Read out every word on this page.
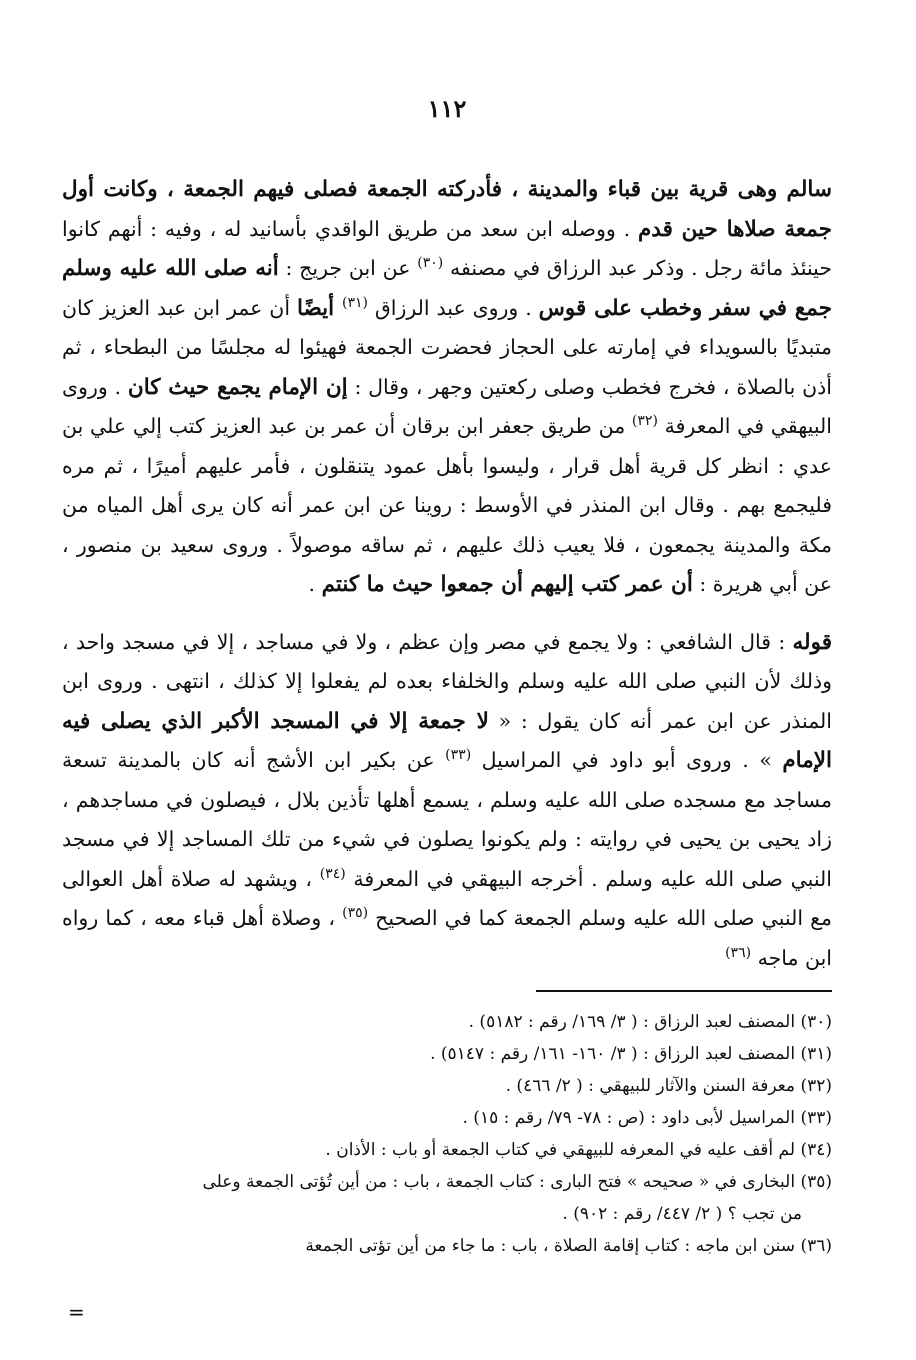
١١٢
سالم وهى قرية بين قباء والمدينة ، فأدركته الجمعة فصلى فيهم الجمعة ، وكانت أول جمعة صلاها حين قدم . ووصله ابن سعد من طريق الواقدي بأسانيد له ، وفيه : أنهم كانوا حينئذ مائة رجل . وذكر عبد الرزاق في مصنفه $^{(٣٠)}$ عن ابن جريج : أنه صلى الله عليه وسلم جمع في سفر وخطب على قوس . وروى عبد الرزاق $^{(٣١)}$ أيضًا أن عمر ابن عبد العزيز كان متبديًا بالسويداء في إمارته على الحجاز فحضرت الجمعة فهيئوا له مجلسًا من البطحاء ، ثم أذن بالصلاة ، فخرج فخطب وصلى ركعتين وجهر ، وقال : إن الإمام يجمع حيث كان . وروى البيهقي في المعرفة $^{(٣٢)}$ من طريق جعفر ابن برقان أن عمر بن عبد العزيز كتب إلي علي بن عدي : انظر كل قرية أهل قرار ، وليسوا بأهل عمود يتنقلون ، فأمر عليهم أميرًا ، ثم مره فليجمع بهم . وقال ابن المنذر في الأوسط : روينا عن ابن عمر أنه كان يرى أهل المياه من مكة والمدينة يجمعون ، فلا يعيب ذلك عليهم ، ثم ساقه موصولاً . وروى سعيد بن منصور ، عن أبي هريرة : أن عمر كتب إليهم أن جمعوا حيث ما كنتم .
قوله : قال الشافعي : ولا يجمع في مصر وإن عظم ، ولا في مساجد ، إلا في مسجد واحد ، وذلك لأن النبي صلى الله عليه وسلم والخلفاء بعده لم يفعلوا إلا كذلك ، انتهى . وروى ابن المنذر عن ابن عمر أنه كان يقول : « لا جمعة إلا في المسجد الأكبر الذي يصلى فيه الإمام » . وروى أبو داود في المراسيل $^{(٣٣)}$ عن بكير ابن الأشج أنه كان بالمدينة تسعة مساجد مع مسجده صلى الله عليه وسلم ، يسمع أهلها تأذين بلال ، فيصلون في مساجدهم ، زاد يحيى بن يحيى في روايته : ولم يكونوا يصلون في شيء من تلك المساجد إلا في مسجد النبي صلى الله عليه وسلم . أخرجه البيهقي في المعرفة $^{(٣٤)}$ ، ويشهد له صلاة أهل العوالى مع النبي صلى الله عليه وسلم الجمعة كما في الصحيح $^{(٣٥)}$ ، وصلاة أهل قباء معه ، كما رواه ابن ماجه $^{(٣٦)}$
(٣٠) المصنف لعبد الرزاق : ( ٣/ ١٦٩/ رقم : ٥١٨٢) .
(٣١) المصنف لعبد الرزاق : ( ٣/ ١٦٠- ١٦١/ رقم : ٥١٤٧) .
(٣٢) معرفة السنن والآثار للبيهقي : ( ٢/ ٤٦٦) .
(٣٣) المراسيل لأبى داود : (ص : ٧٨- ٧٩/ رقم : ١٥) .
(٣٤) لم أقف عليه في المعرفه للبيهقي في كتاب الجمعة أو باب : الأذان .
(٣٥) البخارى في « صحيحه » فتح البارى : كتاب الجمعة ، باب : من أين تُؤتى الجمعة وعلى
من تجب ؟ ( ٢/ ٤٤٧/ رقم : ٩٠٢) .
(٣٦) سنن ابن ماجه : كتاب إقامة الصلاة ، باب : ما جاء من أين تؤتى الجمعة
=
